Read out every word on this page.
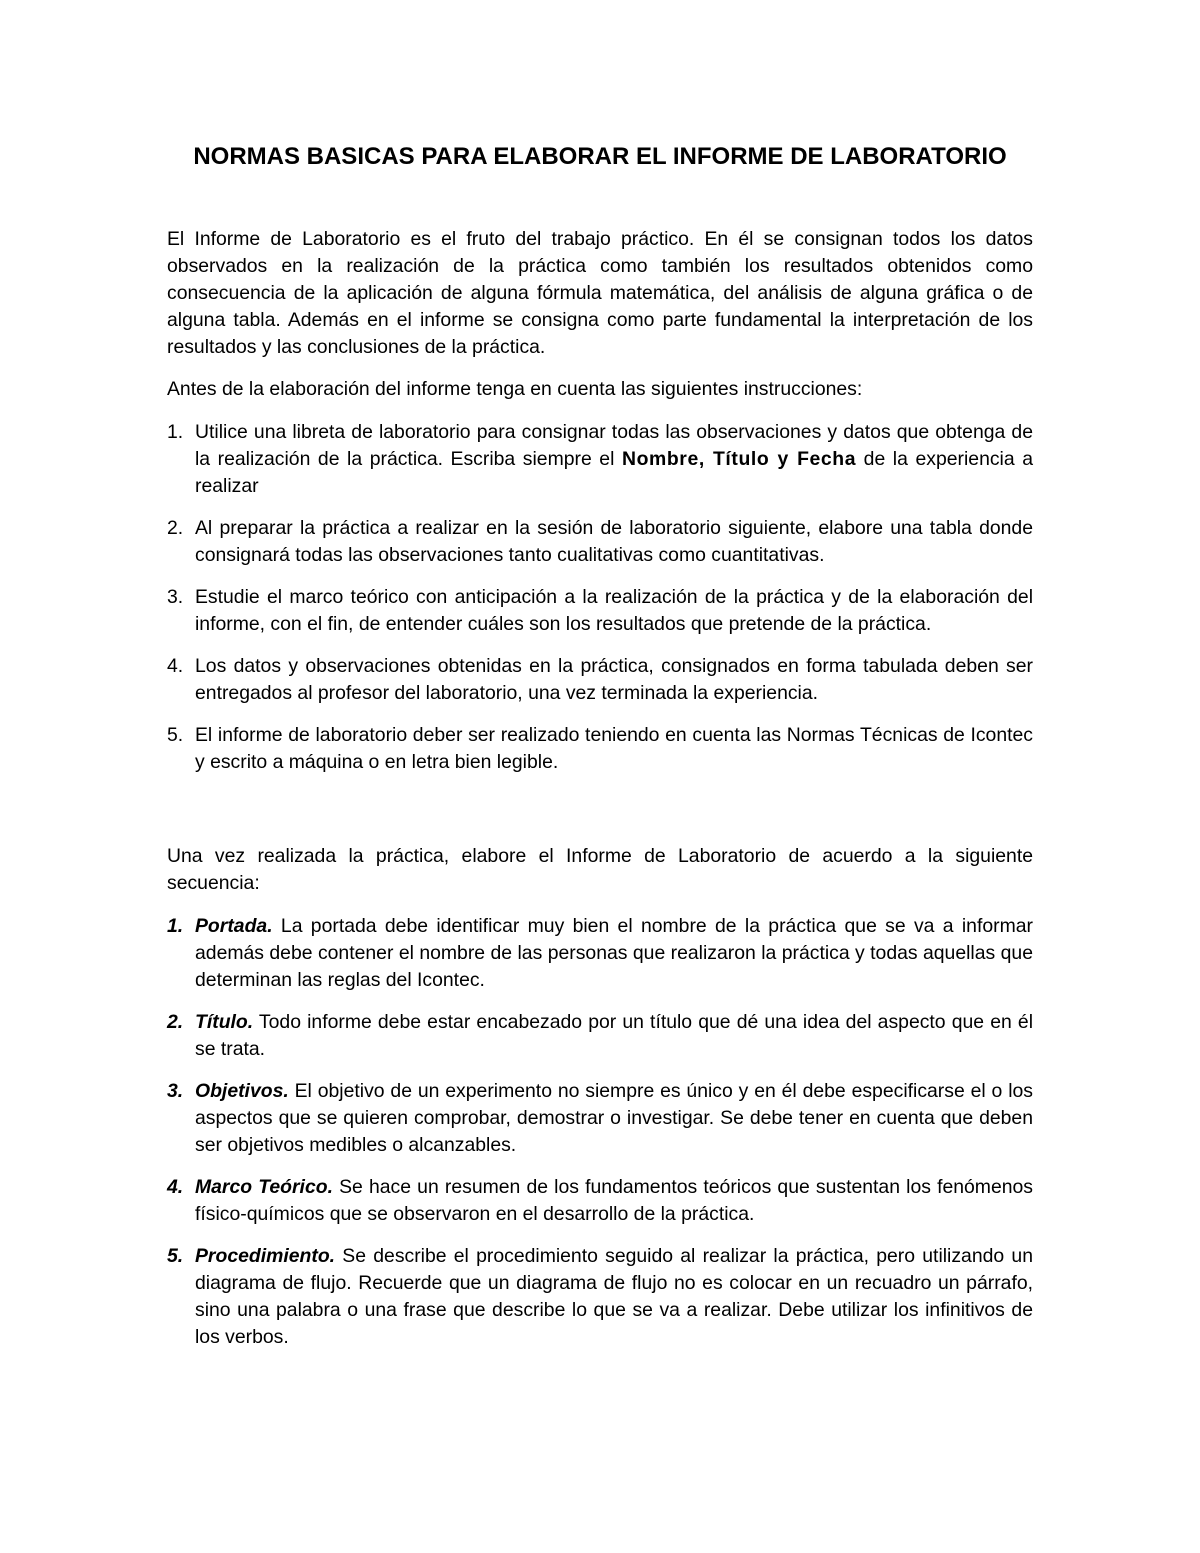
NORMAS BASICAS PARA ELABORAR EL INFORME DE LABORATORIO

El Informe de Laboratorio es el fruto del trabajo práctico. En él se consignan todos los datos observados en la realización de la práctica como también los resultados obtenidos como consecuencia de la aplicación de alguna fórmula matemática, del análisis de alguna gráfica o de alguna tabla. Además en el informe se consigna como parte fundamental la interpretación de los resultados y las conclusiones de la práctica.

Antes de la elaboración del informe tenga en cuenta las siguientes instrucciones:

1. Utilice una libreta de laboratorio para consignar todas las observaciones y datos que obtenga de la realización de la práctica. Escriba siempre el Nombre, Título y Fecha de la experiencia a realizar
2. Al preparar la práctica a realizar en la sesión de laboratorio siguiente, elabore una tabla donde consignará todas las observaciones tanto cualitativas como cuantitativas.
3. Estudie el marco teórico con anticipación a la realización de la práctica y de la elaboración del informe, con el fin, de entender cuáles son los resultados que pretende de la práctica.
4. Los datos y observaciones obtenidas en la práctica, consignados en forma tabulada deben ser entregados al profesor del laboratorio, una vez terminada la experiencia.
5. El informe de laboratorio deber ser realizado teniendo en cuenta las Normas Técnicas de Icontec y escrito a máquina o en letra bien legible.

Una vez realizada la práctica, elabore el Informe de Laboratorio de acuerdo a la siguiente secuencia:

1. Portada. La portada debe identificar muy bien el nombre de la práctica que se va a informar además debe contener el nombre de las personas que realizaron la práctica y todas aquellas que determinan las reglas del Icontec.
2. Título. Todo informe debe estar encabezado por un título que dé una idea del aspecto que en él se trata.
3. Objetivos. El objetivo de un experimento no siempre es único y en él debe especificarse el o los aspectos que se quieren comprobar, demostrar o investigar. Se debe tener en cuenta que deben ser objetivos medibles o alcanzables.
4. Marco Teórico. Se hace un resumen de los fundamentos teóricos que sustentan los fenómenos físico-químicos que se observaron en el desarrollo de la práctica.
5. Procedimiento. Se describe el procedimiento seguido al realizar la práctica, pero utilizando un diagrama de flujo. Recuerde que un diagrama de flujo no es colocar en un recuadro un párrafo, sino una palabra o una frase que describe lo que se va a realizar. Debe utilizar los infinitivos de los verbos.
